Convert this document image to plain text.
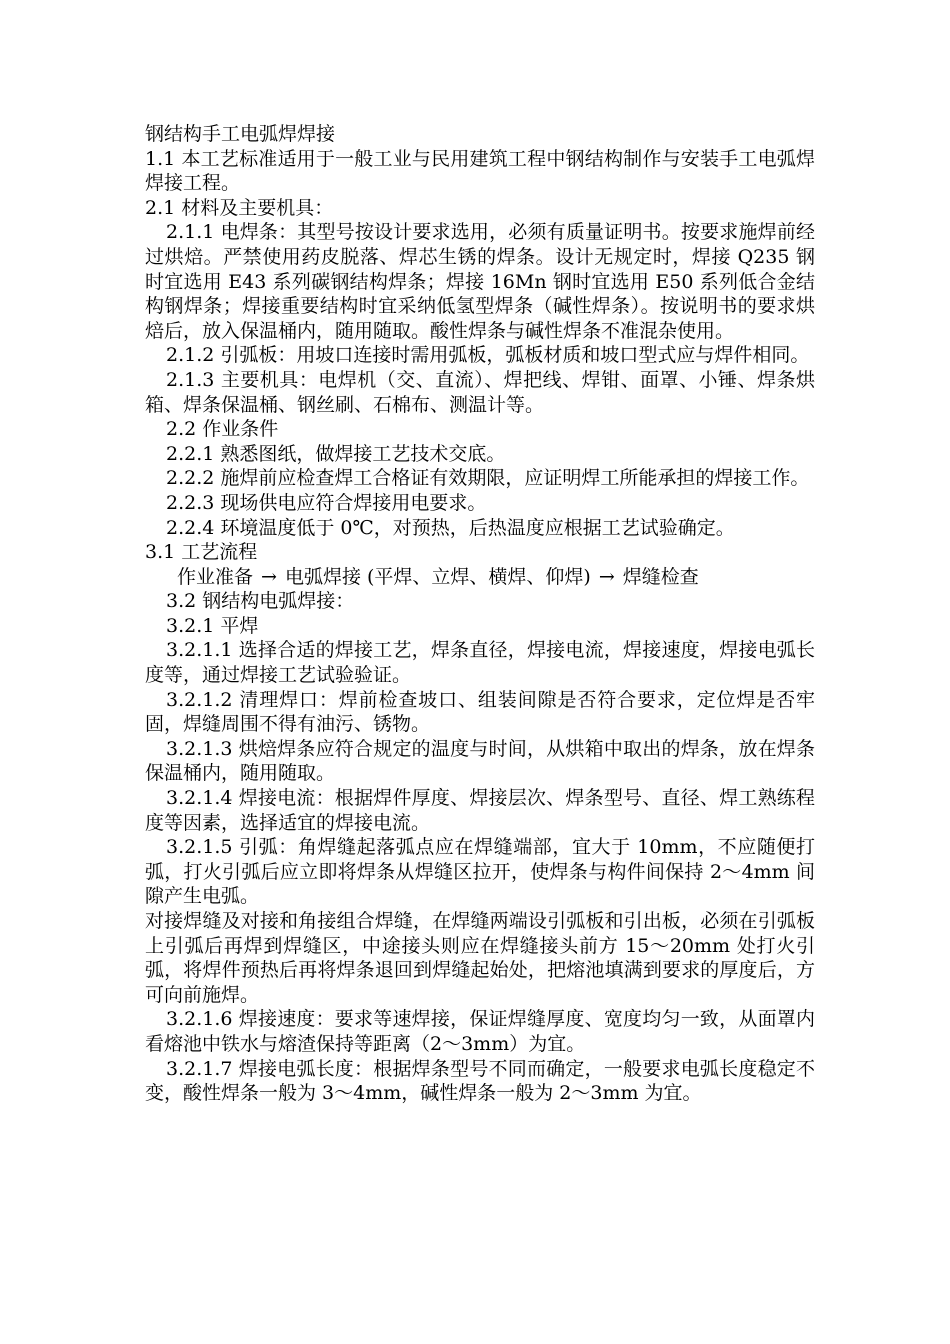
钢结构手工电弧焊焊接

1.1 本工艺标准适用于一般工业与民用建筑工程中钢结构制作与安装手工电弧焊焊接工程。

2.1 材料及主要机具：

2.1.1 电焊条：其型号按设计要求选用，必须有质量证明书。按要求施焊前经过烘焙。严禁使用药皮脱落、焊芯生锈的焊条。设计无规定时，焊接 Q235 钢时宜选用 E43 系列碳钢结构焊条；焊接 16Mn 钢时宜选用 E50 系列低合金结构钢焊条；焊接重要结构时宜采纳低氢型焊条（碱性焊条）。按说明书的要求烘焙后，放入保温桶内，随用随取。酸性焊条与碱性焊条不准混杂使用。

2.1.2 引弧板：用坡口连接时需用弧板，弧板材质和坡口型式应与焊件相同。

2.1.3 主要机具：电焊机（交、直流）、焊把线、焊钳、面罩、小锤、焊条烘箱、焊条保温桶、钢丝刷、石棉布、测温计等。

2.2 作业条件

2.2.1 熟悉图纸，做焊接工艺技术交底。

2.2.2 施焊前应检查焊工合格证有效期限，应证明焊工所能承担的焊接工作。

2.2.3 现场供电应符合焊接用电要求。

2.2.4 环境温度低于 0℃，对预热，后热温度应根据工艺试验确定。

3.1 工艺流程

作业准备 → 电弧焊接 (平焊、立焊、横焊、仰焊) → 焊缝检查

3.2 钢结构电弧焊接：

3.2.1 平焊

3.2.1.1 选择合适的焊接工艺，焊条直径，焊接电流，焊接速度，焊接电弧长度等，通过焊接工艺试验验证。

3.2.1.2 清理焊口：焊前检查坡口、组装间隙是否符合要求，定位焊是否牢固，焊缝周围不得有油污、锈物。

3.2.1.3 烘焙焊条应符合规定的温度与时间，从烘箱中取出的焊条，放在焊条保温桶内，随用随取。

3.2.1.4 焊接电流：根据焊件厚度、焊接层次、焊条型号、直径、焊工熟练程度等因素，选择适宜的焊接电流。

3.2.1.5 引弧：角焊缝起落弧点应在焊缝端部，宜大于 10mm，不应随便打弧，打火引弧后应立即将焊条从焊缝区拉开，使焊条与构件间保持 2～4mm 间隙产生电弧。

对接焊缝及对接和角接组合焊缝，在焊缝两端设引弧板和引出板，必须在引弧板上引弧后再焊到焊缝区，中途接头则应在焊缝接头前方 15～20mm 处打火引弧，将焊件预热后再将焊条退回到焊缝起始处，把熔池填满到要求的厚度后，方可向前施焊。

3.2.1.6 焊接速度：要求等速焊接，保证焊缝厚度、宽度均匀一致，从面罩内看熔池中铁水与熔渣保持等距离（2～3mm）为宜。

3.2.1.7 焊接电弧长度：根据焊条型号不同而确定，一般要求电弧长度稳定不变，酸性焊条一般为 3～4mm，碱性焊条一般为 2～3mm 为宜。
